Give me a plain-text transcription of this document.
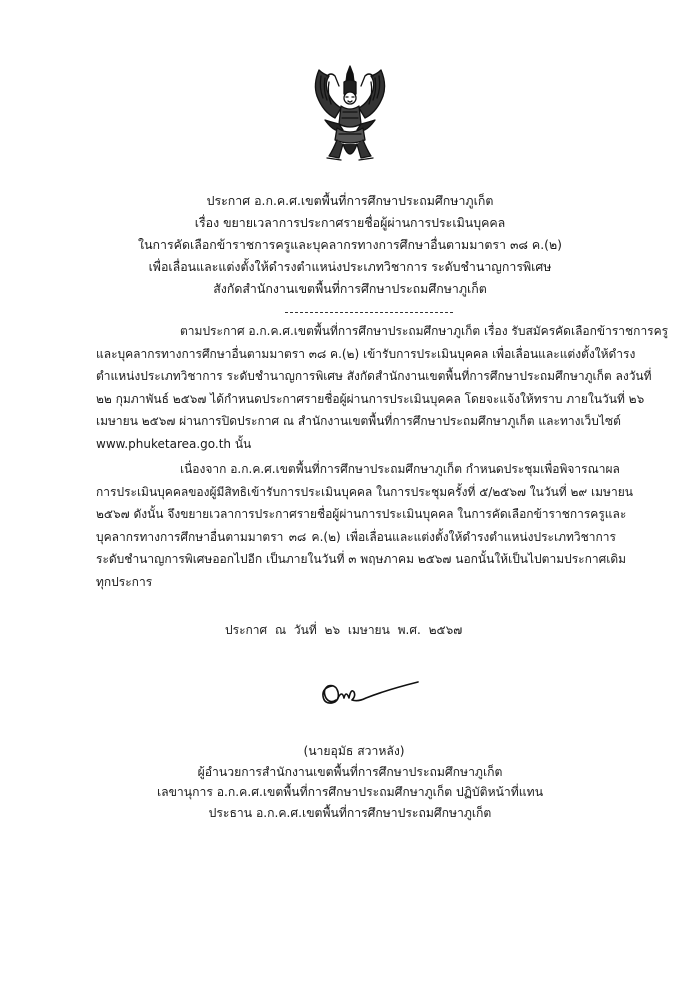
ประกาศ อ.ก.ค.ศ.เขตพื้นที่การศึกษาประถมศึกษาภูเก็ต
เรื่อง ขยายเวลาการประกาศรายชื่อผู้ผ่านการประเมินบุคคล
ในการคัดเลือกข้าราชการครูและบุคลากรทางการศึกษาอื่นตามมาตรา ๓๘ ค.(๒)
เพื่อเลื่อนและแต่งตั้งให้ดำรงตำแหน่งประเภทวิชาการ ระดับชำนาญการพิเศษ
สังกัดสำนักงานเขตพื้นที่การศึกษาประถมศึกษาภูเก็ต
ตามประกาศ อ.ก.ค.ศ.เขตพื้นที่การศึกษาประถมศึกษาภูเก็ต เรื่อง รับสมัครคัดเลือกข้าราชการครู
และบุคลากรทางการศึกษาอื่นตามมาตรา ๓๘ ค.(๒) เข้ารับการประเมินบุคคล เพื่อเลื่อนและแต่งตั้งให้ดำรง
ตำแหน่งประเภทวิชาการ ระดับชำนาญการพิเศษ สังกัดสำนักงานเขตพื้นที่การศึกษาประถมศึกษาภูเก็ต ลงวันที่
๒๒ กุมภาพันธ์ ๒๕๖๗ ได้กำหนดประกาศรายชื่อผู้ผ่านการประเมินบุคคล โดยจะแจ้งให้ทราบ ภายในวันที่ ๒๖
เมษายน ๒๕๖๗ ผ่านการปิดประกาศ ณ สำนักงานเขตพื้นที่การศึกษาประถมศึกษาภูเก็ต และทางเว็บไซต์
www.phuketarea.go.th นั้น
เนื่องจาก อ.ก.ค.ศ.เขตพื้นที่การศึกษาประถมศึกษาภูเก็ต กำหนดประชุมเพื่อพิจารณาผล
การประเมินบุคคลของผู้มีสิทธิเข้ารับการประเมินบุคคล ในการประชุมครั้งที่ ๕/๒๕๖๗ ในวันที่ ๒๙ เมษายน
๒๕๖๗ ดังนั้น จึงขยายเวลาการประกาศรายชื่อผู้ผ่านการประเมินบุคคล ในการคัดเลือกข้าราชการครูและ
บุคลากรทางการศึกษาอื่นตามมาตรา ๓๘ ค.(๒) เพื่อเลื่อนและแต่งตั้งให้ดำรงตำแหน่งประเภทวิชาการ
ระดับชำนาญการพิเศษออกไปอีก เป็นภายในวันที่ ๓ พฤษภาคม ๒๕๖๗ นอกนั้นให้เป็นไปตามประกาศเดิม
ทุกประการ
ประกาศ ณ วันที่ ๒๖ เมษายน พ.ศ. ๒๕๖๗
(นายอุมัธ สวาหลัง)
ผู้อำนวยการสำนักงานเขตพื้นที่การศึกษาประถมศึกษาภูเก็ต
เลขานุการ อ.ก.ค.ศ.เขตพื้นที่การศึกษาประถมศึกษาภูเก็ต ปฏิบัติหน้าที่แทน
ประธาน อ.ก.ค.ศ.เขตพื้นที่การศึกษาประถมศึกษาภูเก็ต
